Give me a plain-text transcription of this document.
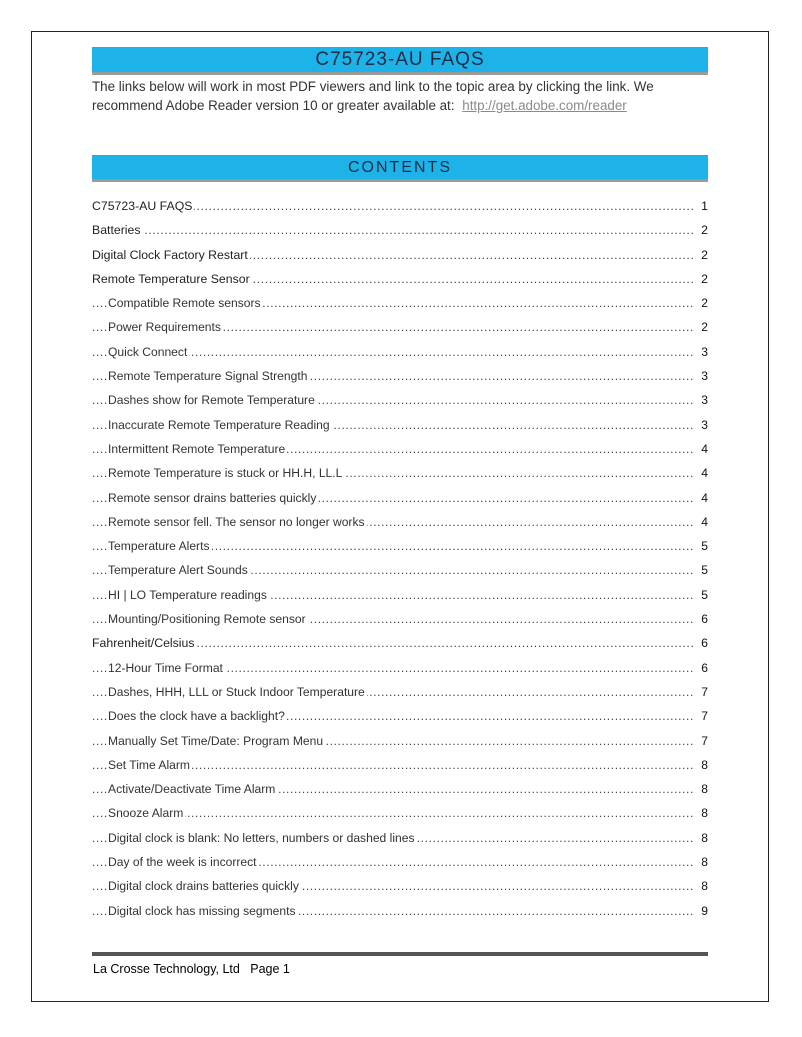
C75723-AU FAQS
The links below will work in most PDF viewers and link to the topic area by clicking the link. We recommend Adobe Reader version 10 or greater available at: http://get.adobe.com/reader
CONTENTS
.....
C75723-AU FAQS	1
.....
Batteries	2
.....
Digital Clock Factory Restart	2
.....
Remote Temperature Sensor	2
.....
Compatible Remote sensors	2
.....
Power Requirements	2
.....
Quick Connect	3
.....
Remote Temperature Signal Strength	3
.....
Dashes show for Remote Temperature	3
.....
Inaccurate Remote Temperature Reading	3
.....
Intermittent Remote Temperature	4
.....
Remote Temperature is stuck or HH.H, LL.L	4
.....
Remote sensor drains batteries quickly	4
.....
Remote sensor fell. The sensor no longer works	4
.....
Temperature Alerts	5
.....
Temperature Alert Sounds	5
.....
HI | LO Temperature readings	5
.....
Mounting/Positioning Remote sensor	6
.....
Fahrenheit/Celsius	6
.....
12-Hour Time Format	6
.....
Dashes, HHH, LLL or Stuck Indoor Temperature	7
.....
Does the clock have a backlight?	7
.....
Manually Set Time/Date: Program Menu	7
.....
Set Time Alarm	8
.....
Activate/Deactivate Time Alarm	8
.....
Snooze Alarm	8
.....
Digital clock is blank: No letters, numbers or dashed lines	8
.....
Day of the week is incorrect	8
.....
Digital clock drains batteries quickly	8
.....
Digital clock has missing segments	9
La Crosse Technology, Ltd   Page 1
